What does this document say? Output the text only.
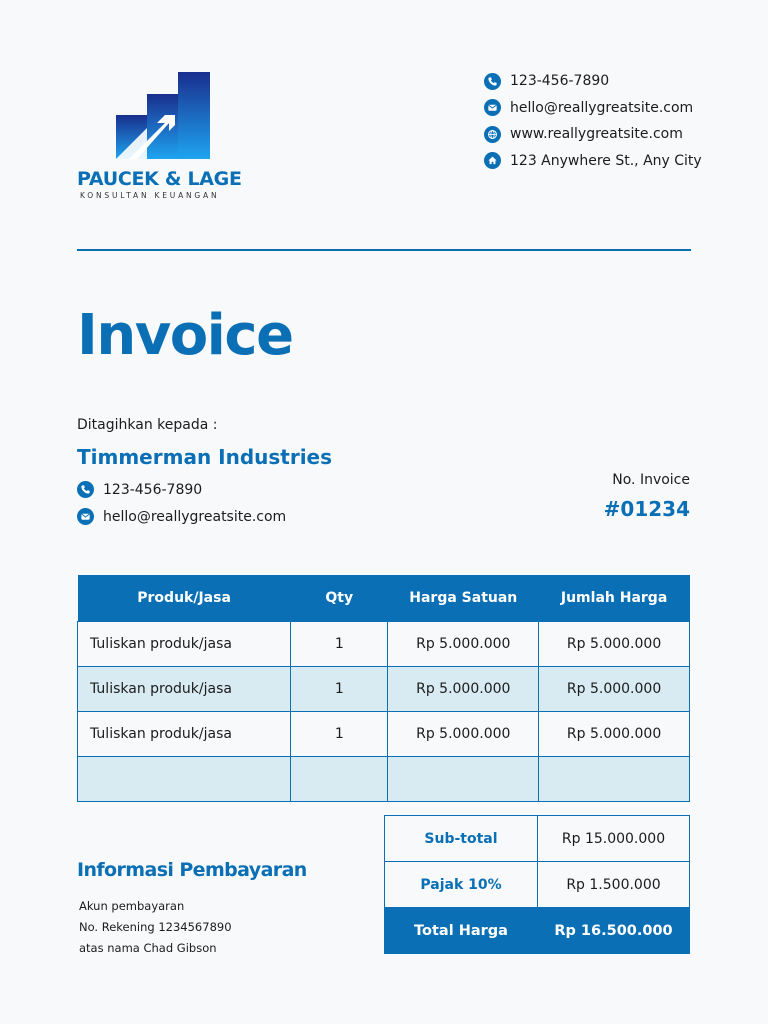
PAUCEK & LAGE
KONSULTAN KEUANGAN
123-456-7890
hello@reallygreatsite.com
www.reallygreatsite.com
123 Anywhere St., Any City
Invoice
Ditagihkan kepada :
Timmerman Industries
123-456-7890
hello@reallygreatsite.com
No. Invoice
#01234
Produk/Jasa	Qty	Harga Satuan	Jumlah Harga
Tuliskan produk/jasa	1	Rp 5.000.000	Rp 5.000.000
Tuliskan produk/jasa	1	Rp 5.000.000	Rp 5.000.000
Tuliskan produk/jasa	1	Rp 5.000.000	Rp 5.000.000

Sub-total	Rp 15.000.000
Pajak 10%	Rp 1.500.000
Total Harga	Rp 16.500.000
Informasi Pembayaran
Akun pembayaran
No. Rekening 1234567890
atas nama Chad Gibson
